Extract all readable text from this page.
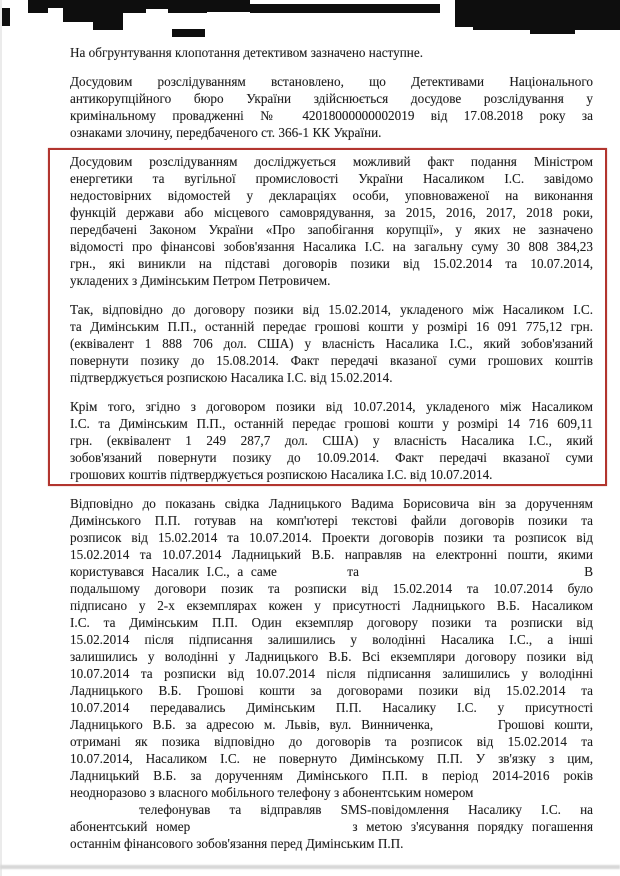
На обгрунтування клопотання детективом зазначено наступне.
Досудовим розслідуванням встановлено, що Детективами Національного
антикорупційного бюро України здійснюється досудове розслідування у
кримінальному провадженні № 42018000000002019 від 17.08.2018 року за
ознаками злочину, передбаченого ст. 366-1 КК України.
Досудовим розслідуванням досліджується можливий факт подання Міністром
енергетики та вугільної промисловості України Насаликом І.С. завідомо
недостовірних відомостей у деклараціях особи, уповноваженої на виконання
функцій держави або місцевого самоврядування, за 2015, 2016, 2017, 2018 роки,
передбачені Законом України «Про запобігання корупції», у яких не зазначено
відомості про фінансові зобов'язання Насалика І.С. на загальну суму 30 808 384,23
грн., які виникли на підставі договорів позики від 15.02.2014 та 10.07.2014,
укладених з Димінським Петром Петровичем.
Так, відповідно до договору позики від 15.02.2014, укладеного між Насаликом І.С.
та Димінським П.П., останній передає грошові кошти у розмірі 16 091 775,12 грн.
(еквівалент 1 888 706 дол. США) у власність Насалика І.С., який зобов'язаний
повернути позику до 15.08.2014. Факт передачі вказаної суми грошових коштів
підтверджується розпискою Насалика І.С. від 15.02.2014.
Крім того, згідно з договором позики від 10.07.2014, укладеного між Насаликом
І.С. та Димінським П.П., останній передає грошові кошти у розмірі 14 716 609,11
грн. (еквівалент 1 249 287,7 дол. США) у власність Насалика І.С., який
зобов'язаний повернути позику до 10.09.2014. Факт передачі вказаної суми
грошових коштів підтверджується розпискою Насалика І.С. від 10.07.2014.
Відповідно до показань свідка Ладницького Вадима Борисовича він за дорученням
Димінського П.П. готував на комп'ютері текстові файли договорів позики та
розписок від 15.02.2014 та 10.07.2014. Проекти договорів позики та розписок від
15.02.2014 та 10.07.2014 Ладницький В.Б. направляв на електронні пошти, якими
користувався Насалик І.С., а саме	та	В
подальшому договори позик та розписки від 15.02.2014 та 10.07.2014 було
підписано у 2-х екземплярах кожен у присутності Ладницького В.Б. Насаликом
І.С. та Димінським П.П. Один екземпляр договору позики та розписки від
15.02.2014 після підписання залишились у володінні Насалика І.С., а інші
залишились у володінні у Ладницького В.Б. Всі екземпляри договору позики від
10.07.2014 та розписки від 10.07.2014 після підписання залишились у володінні
Ладницького В.Б. Грошові кошти за договорами позики від 15.02.2014 та
10.07.2014 передавались Димінським П.П. Насалику І.С. у присутності
Ладницького В.Б. за адресою м. Львів, вул. Винниченка,	Грошові кошти,
отримані як позика відповідно до договорів та розписок від 15.02.2014 та
10.07.2014, Насаликом І.С. не повернуто Димінському П.П. У зв'язку з цим,
Ладницький В.Б. за дорученням Димінського П.П. в період 2014-2016 років
неодноразово з власного мобільного телефону з абонентським номером
телефонував та відправляв SMS-повідомлення Насалику І.С. на
абонентський номер	з метою з'ясування порядку погашення
останнім фінансового зобов'язання перед Димінським П.П.
